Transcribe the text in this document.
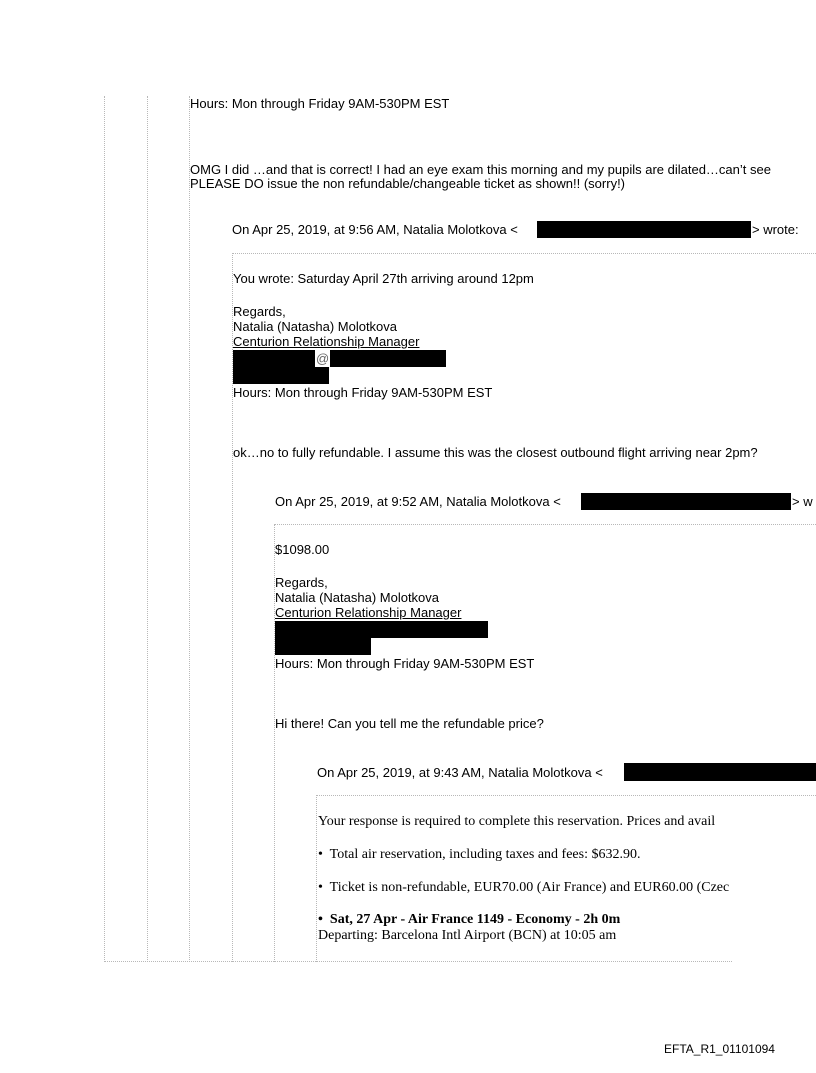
Hours: Mon through Friday 9AM-530PM EST
OMG I did …and that is correct! I had an eye exam this morning and my pupils are dilated…can’t see
PLEASE DO issue the non refundable/changeable ticket as shown!! (sorry!)
On Apr 25, 2019, at 9:56 AM, Natalia Molotkova <	> wrote:
You wrote: Saturday April 27th arriving around 12pm
Regards,
Natalia (Natasha) Molotkova
Centurion Relationship Manager
@
Hours: Mon through Friday 9AM-530PM EST
ok…no to fully refundable. I assume this was the closest outbound flight arriving near 2pm?
On Apr 25, 2019, at 9:52 AM, Natalia Molotkova <	> w
$1098.00
Regards,
Natalia (Natasha) Molotkova
Centurion Relationship Manager
Hours: Mon through Friday 9AM-530PM EST
Hi there! Can you tell me the refundable price?
On Apr 25, 2019, at 9:43 AM, Natalia Molotkova <
Your response is required to complete this reservation. Prices and avail
•  Total air reservation, including taxes and fees: $632.90.
•  Ticket is non-refundable, EUR70.00 (Air France) and EUR60.00 (Czec
•  Sat, 27 Apr - Air France 1149 - Economy - 2h 0m
Departing: Barcelona Intl Airport (BCN) at 10:05 am
EFTA_R1_01101094
